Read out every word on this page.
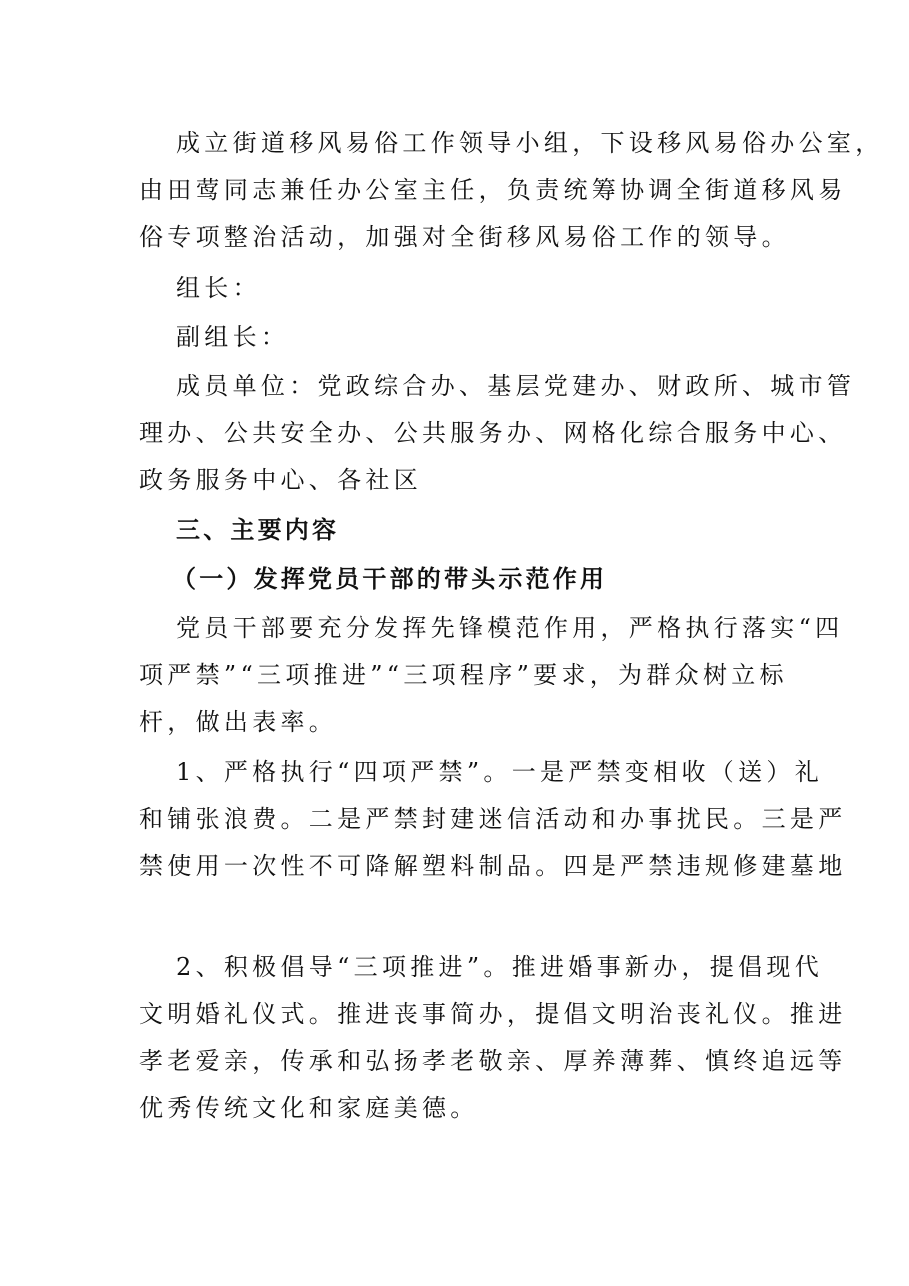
成立街道移风易俗工作领导小组，下设移风易俗办公室，
由田莺同志兼任办公室主任，负责统筹协调全街道移风易
俗专项整治活动，加强对全街移风易俗工作的领导。
组长：
副组长：
成员单位：党政综合办、基层党建办、财政所、城市管
理办、公共安全办、公共服务办、网格化综合服务中心、
政务服务中心、各社区
三、主要内容
（一）发挥党员干部的带头示范作用
党员干部要充分发挥先锋模范作用，严格执行落实“四
项严禁”“三项推进”“三项程序”要求，为群众树立标
杆，做出表率。
1、严格执行“四项严禁”。一是严禁变相收（送）礼
和铺张浪费。二是严禁封建迷信活动和办事扰民。三是严
禁使用一次性不可降解塑料制品。四是严禁违规修建墓地
2、积极倡导“三项推进”。推进婚事新办，提倡现代
文明婚礼仪式。推进丧事简办，提倡文明治丧礼仪。推进
孝老爱亲，传承和弘扬孝老敬亲、厚养薄葬、慎终追远等
优秀传统文化和家庭美德。
